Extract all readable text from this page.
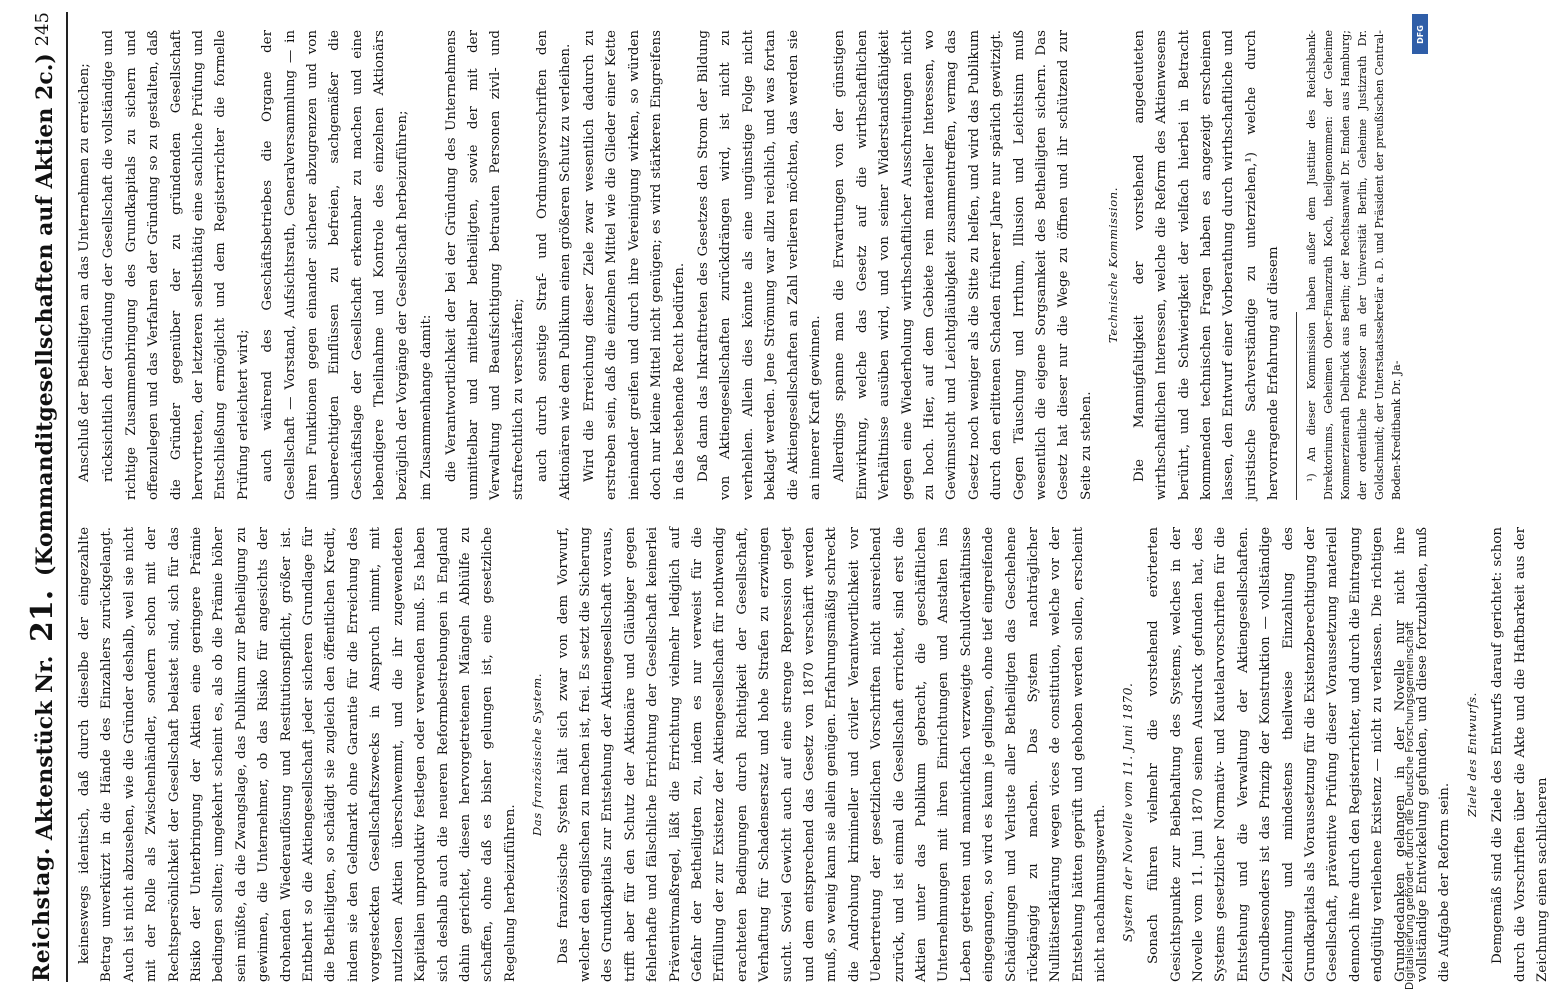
Reichstag.
Aktenstück Nr. 21. (Kommanditgesellschaften auf Aktien 2c.)
245

keineswegs identisch, daß durch dieselbe der eingezahlte Betrag unverkürzt in die Hände des Einzahlers zurückgelangt. Auch ist nicht abzusehen, wie die Gründer deshalb, weil sie nicht mit der Rolle als Zwischenhändler, sondern schon mit der Rechtspersönlichkeit der Gesellschaft belastet sind, sich für das Risiko der Unterbringung der Aktien eine geringere Prämie bedingen sollten; umgekehrt scheint es, als ob die Prämie höher sein müßte, da die Zwangslage, das Publikum zur Betheiligung zu gewinnen, die Unternehmer, ob das Risiko für angesichts der drohenden Wiederauflösung und Restitutionspflicht, größer ist. Entbehrt so die Aktiengesellschaft jeder sicheren Grundlage für die Betheiligten, so schädigt sie zugleich den öffentlichen Kredit, indem sie den Geldmarkt ohne Garantie für die Erreichung des vorgesteckten Gesellschaftszwecks in Anspruch nimmt, mit nutzlosen Aktien überschwemmt, und die ihr zugewendeten Kapitalien unproduktiv festlegen oder verwenden muß. Es haben sich deshalb auch die neueren Reformbestrebungen in England dahin gerichtet, diesen hervorgetretenen Mängeln Abhülfe zu schaffen, ohne daß es bisher gelungen ist, eine gesetzliche Regelung herbeizuführen.

Das französische System. Das französische System hält sich zwar von dem Vorwurf, welcher den englischen zu machen ist, frei. Es setzt die Sicherung des Grundkapitals zur Entstehung der Aktiengesellschaft voraus, trifft aber für den Schutz der Aktionäre und Gläubiger gegen fehlerhafte und fälschliche Errichtung der Gesellschaft keinerlei Präventivmaßregel, läßt die Errichtung vielmehr lediglich auf Gefahr der Betheiligten zu, indem es nur verweist für die Erfüllung der zur Existenz der Aktiengesellschaft für nothwendig erachteten Bedingungen durch Richtigkeit der Gesellschaft, Verhaftung für Schadensersatz und hohe Strafen zu erzwingen sucht. Soviel Gewicht auch auf eine strenge Repression gelegt und dem entsprechend das Gesetz von 1870 verschärft werden muß, so wenig kann sie allein genügen. Erfahrungsmäßig schreckt die Androhung krimineller und civiler Verantwortlichkeit vor Uebertretung der gesetzlichen Vorschriften nicht ausreichend zurück, und ist einmal die Gesellschaft errichtet, sind erst die Aktien unter das Publikum gebracht, die geschäftlichen Unternehmungen mit ihren Einrichtungen und Anstalten ins Leben getreten und mannichfach verzweigte Schuldverhältnisse eingegangen, so wird es kaum je gelingen, ohne tief eingreifende Schädigungen und Verluste aller Betheiligten das Geschehene rückgängig zu machen. Das System nachträglicher Nullitätserklärung wegen vices de constitution, welche vor der Entstehung hätten geprüft und gehoben werden sollen, erscheint nicht nachahmungswerth.	System der Novelle vom 11. Juni 1870. Sonach führen vielmehr die vorstehend erörterten Gesichtspunkte zur Beibehaltung des Systems, welches in der Novelle vom 11. Juni 1870 seinen Ausdruck gefunden hat, des Systems gesetzlicher Normativ- und Kautelarvorschriften für die Entstehung und die Verwaltung der Aktiengesellschaften. Grundbesonders ist das Prinzip der Konstruktion — vollständige Zeichnung und mindestens theilweise Einzahlung des Grundkapitals als Voraussetzung für die Existenzberechtigung der Gesellschaft, präventive Prüfung dieser Voraussetzung materiell dennoch ihre durch den Registerrichter, und durch die Eintragung endgültig verliehene Existenz — nicht zu verlassen. Die richtigen Grundgedanken gelangen in der Novelle nur nicht ihre vollständige Entwickelung gefunden, und diese fortzubilden, muß die Aufgabe der Reform sein.

Ziele des Entwurfs. Demgemäß sind die Ziele des Entwurfs darauf gerichtet: schon durch die Vorschriften über die Akte und die Haftbarkeit aus der Zeichnung einen sachlicheren

Anschluß der Betheiligten an das Unternehmen zu erreichen; rücksichtlich der Gründung der Gesellschaft die vollständige und richtige Zusammenbringung des Grundkapitals zu sichern und offenzulegen und das Verfahren der Gründung so zu gestalten, daß die Gründer gegenüber der zu gründenden Gesellschaft hervortreten, der letzteren selbstthätig eine sachliche Prüfung und Entschließung ermöglicht und dem Registerrichter die formelle Prüfung erleichtert wird; auch während des Geschäftsbetriebes die Organe der Gesellschaft — Vorstand, Aufsichtsrath, Generalversammlung — in ihren Funktionen gegen einander sicherer abzugrenzen und von unberechtigten Einflüssen zu befreien, sachgemäßer die Geschäftslage der Gesellschaft erkennbar zu machen und eine lebendigere Theilnahme und Kontrole des einzelnen Aktionärs bezüglich der Vorgänge der Gesellschaft herbeizuführen; im Zusammenhange damit: die Verantwortlichkeit der bei der Gründung des Unternehmens unmittelbar und mittelbar betheiligten, sowie der mit der Verwaltung und Beaufsichtigung betrauten Personen zivil- und strafrechtlich zu verschärfen; auch durch sonstige Straf- und Ordnungsvorschriften den Aktionären wie dem Publikum einen größeren Schutz zu verleihen. Wird die Erreichung dieser Ziele zwar wesentlich dadurch zu erstreben sein, daß die einzelnen Mittel wie die Glieder einer Kette ineinander greifen und durch ihre Vereinigung wirken, so würden doch nur kleine Mittel nicht genügen; es wird stärkeren Eingreifens in das bestehende Recht bedürfen. Daß dann das Inkrafttreten des Gesetzes den Strom der Bildung von Aktiengesellschaften zurückdrängen wird, ist nicht zu verhehlen. Allein dies könnte als eine ungünstige Folge nicht beklagt werden. Jene Strömung war allzu reichlich, und was fortan die Aktiengesellschaften an Zahl verlieren möchten, das werden sie an innerer Kraft gewinnen. Allerdings spanne man die Erwartungen von der günstigen Einwirkung, welche das Gesetz auf die wirthschaftlichen Verhältnisse ausüben wird, und von seiner Widerstandsfähigkeit gegen eine Wiederholung wirthschaftlicher Ausschreitungen nicht zu hoch. Hier, auf dem Gebiete rein materieller Interessen, wo Gewinnsucht und Leichtgläubigkeit zusammentreffen, vermag das Gesetz noch weniger als die Sitte zu helfen, und wird das Publikum durch den erlittenen Schaden früherer Jahre nur spärlich gewitzigt. Gegen Täuschung und Irrthum, Illusion und Leichtsinn muß wesentlich die eigene Sorgsamkeit des Betheiligten sichern. Das Gesetz hat dieser nur die Wege zu öffnen und ihr schützend zur Seite zu stehen.

Technische Kommission. Die Mannigfaltigkeit der vorstehend angedeuteten wirthschaftlichen Interessen, welche die Reform des Aktienwesens berührt, und die Schwierigkeit der vielfach hierbei in Betracht kommenden technischen Fragen haben es angezeigt erscheinen lassen, den Entwurf einer Vorberathung durch wirthschaftliche und juristische Sachverständige zu unterziehen,¹) welche durch hervorragende Erfahrung auf diesem	¹) An dieser Kommission haben außer dem Justitiar des Reichsbank-Direktoriums, Geheimen Ober-Finanzrath Koch, theilgenommen: der Geheime Kommerzienrath Delbrück aus Berlin; der Rechtsanwalt Dr. Emden aus Hamburg; der ordentliche Professor an der Universität Berlin, Geheime Justizrath Dr. Goldschmidt; der Unterstaatssekretär a. D. und Präsident der preußischen Central-Boden-Kreditbank Dr. Ja-

Digitalisierung gefördert durch die Deutsche Forschungsgemeinschaft
DFG
